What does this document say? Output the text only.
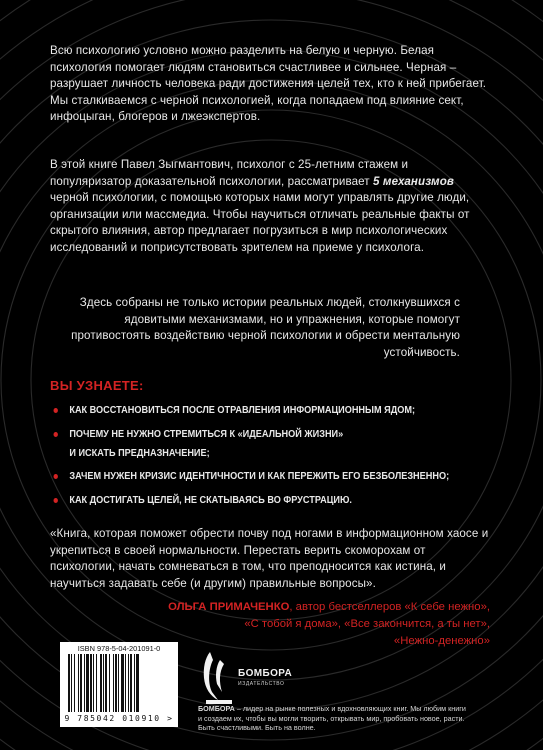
Всю психологию условно можно разделить на белую и черную. Белая психология помогает людям становиться счастливее и сильнее. Черная – разрушает личность человека ради достижения целей тех, кто к ней прибегает. Мы сталкиваемся с черной психологией, когда попадаем под влияние сект, инфоцыган, блогеров и лжеэкспертов.

В этой книге Павел Зыгмантович, психолог с 25-летним стажем и популяризатор доказательной психологии, рассматривает 5 механизмов черной психологии, с помощью которых нами могут управлять другие люди, организации или массмедиа. Чтобы научиться отличать реальные факты от скрытого влияния, автор предлагает погрузиться в мир психологических исследований и поприсутствовать зрителем на приеме у психолога.

Здесь собраны не только истории реальных людей, столкнувшихся с ядовитыми механизмами, но и упражнения, которые помогут противостоять воздействию черной психологии и обрести ментальную устойчивость.

ВЫ УЗНАЕТЕ:
КАК ВОССТАНОВИТЬСЯ ПОСЛЕ ОТРАВЛЕНИЯ ИНФОРМАЦИОННЫМ ЯДОМ;
ПОЧЕМУ НЕ НУЖНО СТРЕМИТЬСЯ К «ИДЕАЛЬНОЙ ЖИЗНИ»
И ИСКАТЬ ПРЕДНАЗНАЧЕНИЕ;
ЗАЧЕМ НУЖЕН КРИЗИС ИДЕНТИЧНОСТИ И КАК ПЕРЕЖИТЬ ЕГО БЕЗБОЛЕЗНЕННО;
КАК ДОСТИГАТЬ ЦЕЛЕЙ, НЕ СКАТЫВАЯСЬ ВО ФРУСТРАЦИЮ.

«Книга, которая поможет обрести почву под ногами в информационном хаосе и укрепиться в своей нормальности. Перестать верить скоморохам от психологии, начать сомневаться в том, что преподносится как истина, и научиться задавать себе (и другим) правильные вопросы».

ОЛЬГА ПРИМАЧЕНКО, автор бестселлеров «К себе нежно»,
«С тобой я дома», «Все закончится, а ты нет»,
«Нежно-денежно»
ISBN 978-5-04-201091-0
9 785042 010910 >
БОМБОРА
ИЗДАТЕЛЬСТВО
БОМБОРА – лидер на рынке полезных и вдохновляющих книг. Мы любим книги и создаем их, чтобы вы могли творить, открывать мир, пробовать новое, расти. Быть счастливыми. Быть на волне.
